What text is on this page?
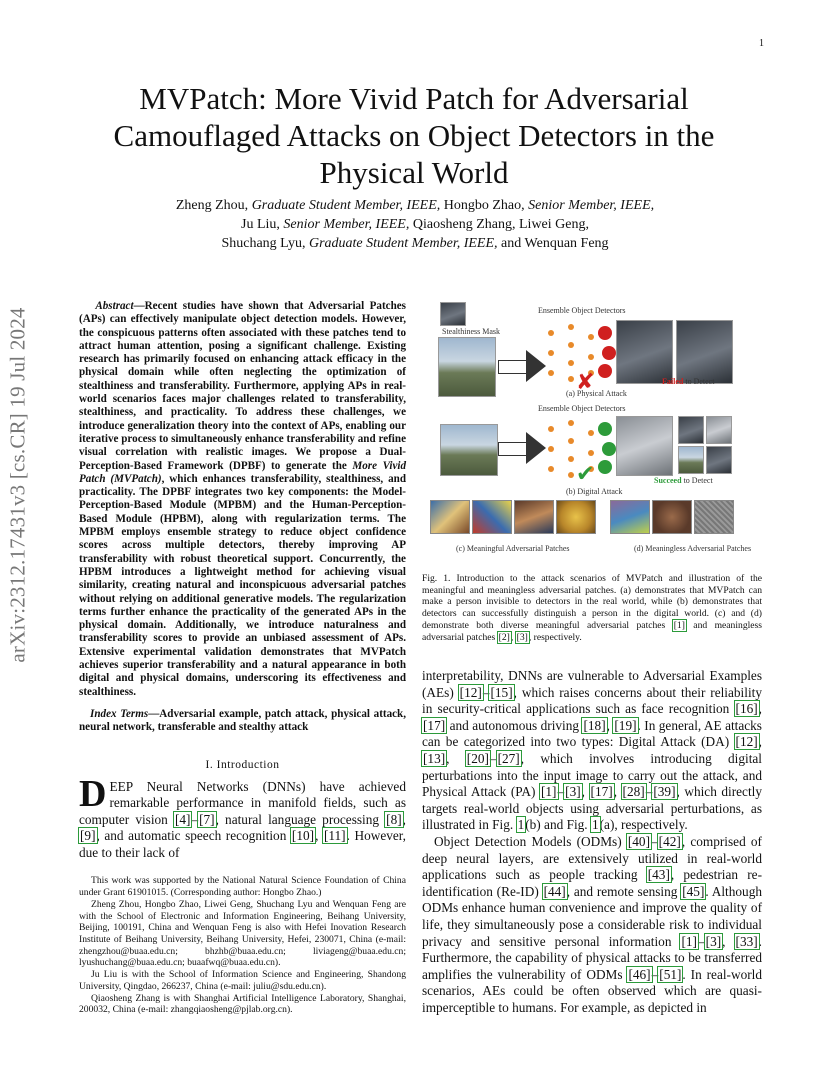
1
MVPatch: More Vivid Patch for Adversarial Camouflaged Attacks on Object Detectors in the Physical World
Zheng Zhou, Graduate Student Member, IEEE, Hongbo Zhao, Senior Member, IEEE,
Ju Liu, Senior Member, IEEE, Qiaosheng Zhang, Liwei Geng,
Shuchang Lyu, Graduate Student Member, IEEE, and Wenquan Feng
arXiv:2312.17431v3 [cs.CR] 19 Jul 2024

Abstract—Recent studies have shown that Adversarial Patches (APs) can effectively manipulate object detection models. However, the conspicuous patterns often associated with these patches tend to attract human attention, posing a significant challenge. Existing research has primarily focused on enhancing attack efficacy in the physical domain while often neglecting the optimization of stealthiness and transferability. Furthermore, applying APs in real-world scenarios faces major challenges related to transferability, stealthiness, and practicality. To address these challenges, we introduce generalization theory into the context of APs, enabling our iterative process to simultaneously enhance transferability and refine visual correlation with realistic images. We propose a Dual-Perception-Based Framework (DPBF) to generate the More Vivid Patch (MVPatch), which enhances transferability, stealthiness, and practicality. The DPBF integrates two key components: the Model-Perception-Based Module (MPBM) and the Human-Perception-Based Module (HPBM), along with regularization terms. The MPBM employs ensemble strategy to reduce object confidence scores across multiple detectors, thereby improving AP transferability with robust theoretical support. Concurrently, the HPBM introduces a lightweight method for achieving visual similarity, creating natural and inconspicuous adversarial patches without relying on additional generative models. The regularization terms further enhance the practicality of the generated APs in the physical domain. Additionally, we introduce naturalness and transferability scores to provide an unbiased assessment of APs. Extensive experimental validation demonstrates that MVPatch achieves superior transferability and a natural appearance in both digital and physical domains, underscoring its effectiveness and stealthiness.

Index Terms—Adversarial example, patch attack, physical attack, neural network, transferable and stealthy attack
I. Introduction

DEEP Neural Networks (DNNs) have achieved remarkable performance in manifold fields, such as computer vision [4]–[7], natural language processing [8], [9], and automatic speech recognition [10], [11]. However, due to their lack of

This work was supported by the National Natural Science Foundation of China under Grant 61901015. (Corresponding author: Hongbo Zhao.)

Zheng Zhou, Hongbo Zhao, Liwei Geng, Shuchang Lyu and Wenquan Feng are with the School of Electronic and Information Engineering, Beihang University, Beijing, 100191, China and Wenquan Feng is also with Hefei Inovation Research Institute of Beihang University, Beihang University, Hefei, 230071, China (e-mail: zhengzhou@buaa.edu.cn; bhzhb@buaa.edu.cn; liviageng@buaa.edu.cn; lyushuchang@buaa.edu.cn; buaafwq@buaa.edu.cn).

Ju Liu is with the School of Information Science and Engineering, Shandong University, Qingdao, 266237, China (e-mail: juliu@sdu.edu.cn).

Qiaosheng Zhang is with Shanghai Artificial Intelligence Laboratory, Shanghai, 200032, China (e-mail: zhangqiaosheng@pjlab.org.cn).

Stealthiness Mask
Ensemble Object Detectors
✘	Failed to Detect
(a) Physical Attack
Ensemble Object Detectors
✔	Succeed to Detect
(b) Digital Attack
(c) Meaningful Adversarial Patches	(d) Meaningless Adversarial Patches
Fig. 1. Introduction to the attack scenarios of MVPatch and illustration of the meaningful and meaningless adversarial patches. (a) demonstrates that MVPatch can make a person invisible to detectors in the real world, while (b) demonstrates that detectors can successfully distinguish a person in the digital world. (c) and (d) demonstrate both diverse meaningful adversarial patches [1] and meaningless adversarial patches [2], [3], respectively.

interpretability, DNNs are vulnerable to Adversarial Examples (AEs) [12]–[15], which raises concerns about their reliability in security-critical applications such as face recognition [16], [17] and autonomous driving [18], [19]. In general, AE attacks can be categorized into two types: Digital Attack (DA) [12], [13], [20]–[27], which involves introducing digital perturbations into the input image to carry out the attack, and Physical Attack (PA) [1]–[3], [17], [28]–[39], which directly targets real-world objects using adversarial perturbations, as illustrated in Fig. 1(b) and Fig. 1(a), respectively.

Object Detection Models (ODMs) [40]–[42], comprised of deep neural layers, are extensively utilized in real-world applications such as people tracking [43], pedestrian re-identification (Re-ID) [44], and remote sensing [45]. Although ODMs enhance human convenience and improve the quality of life, they simultaneously pose a considerable risk to individual privacy and sensitive personal information [1]–[3], [33]. Furthermore, the capability of physical attacks to be transferred amplifies the vulnerability of ODMs [46]–[51]. In real-world scenarios, AEs could be often observed which are quasi-imperceptible to humans. For example, as depicted in
